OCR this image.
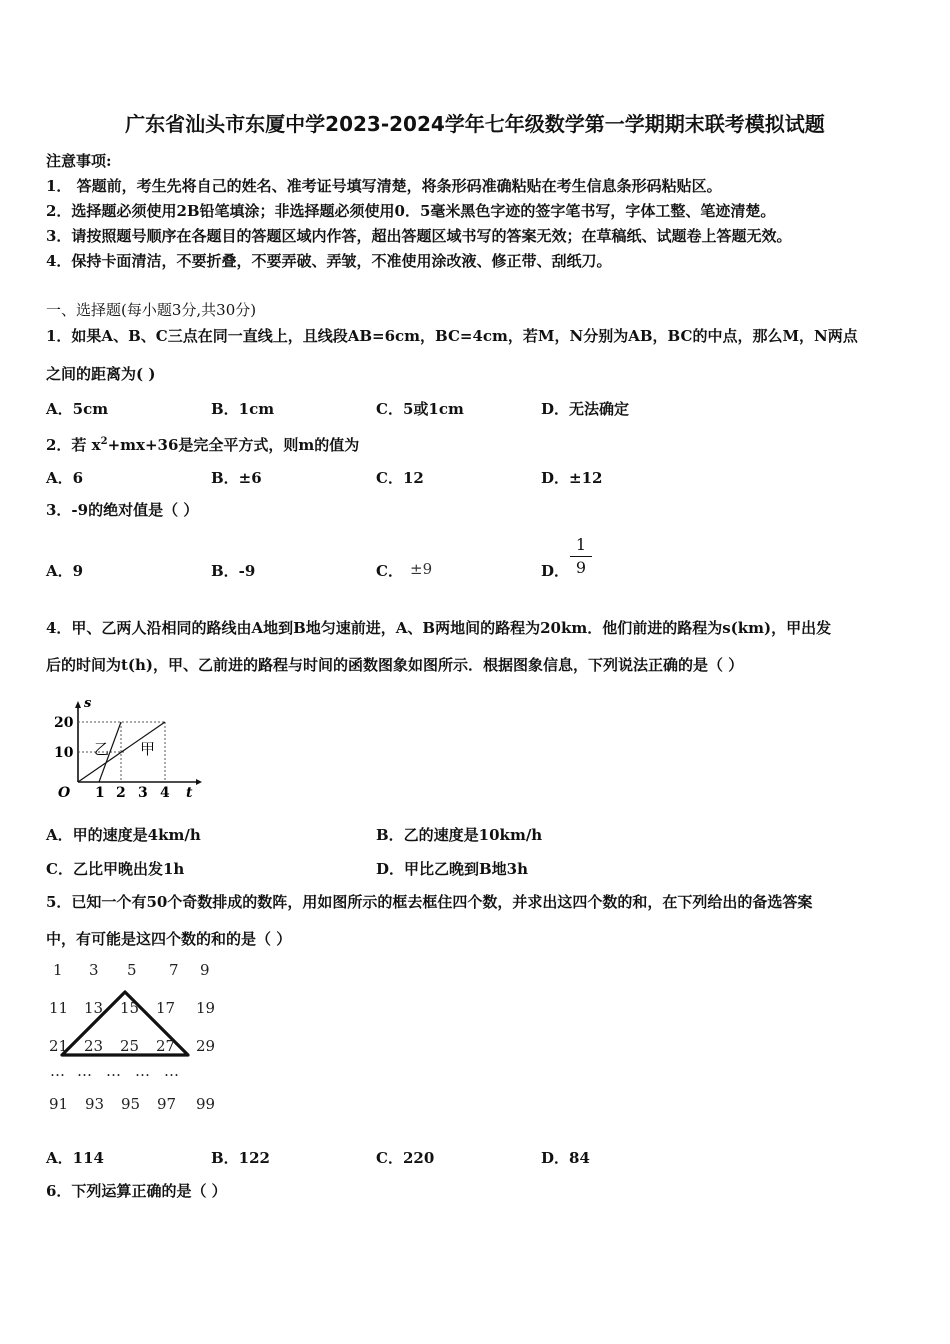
广东省汕头市东厦中学2023-2024学年七年级数学第一学期期末联考模拟试题
注意事项:
1． 答题前，考生先将自己的姓名、准考证号填写清楚，将条形码准确粘贴在考生信息条形码粘贴区。
2．选择题必须使用2B铅笔填涂；非选择题必须使用0．5毫米黑色字迹的签字笔书写，字体工整、笔迹清楚。
3．请按照题号顺序在各题目的答题区域内作答，超出答题区域书写的答案无效；在草稿纸、试题卷上答题无效。
4．保持卡面清洁，不要折叠，不要弄破、弄皱，不准使用涂改液、修正带、刮纸刀。
一、选择题(每小题3分,共30分)
1．如果A、B、C三点在同一直线上，且线段AB=6cm，BC=4cm，若M，N分别为AB，BC的中点，那么M，N两点
之间的距离为( )
A．5cm	B．1cm	C．5或1cm	D．无法确定
2．若 $x^2+mx+36$是完全平方式，则m的值为
A．6	B．±6	C．12	D．±12
3．-9的绝对值是（ ）
A．9	B．-9	C． ±9	D． $\frac{1}{9}$
4．甲、乙两人沿相同的路线由A地到B地匀速前进，A、B两地间的路程为20km．他们前进的路程为s(km)，甲出发
后的时间为t(h)，甲、乙前进的路程与时间的函数图象如图所示．根据图象信息，下列说法正确的是（ ）
s
20
10
O 1 2 3 4 t
乙 甲
A．甲的速度是4km/h	B．乙的速度是10km/h
C．乙比甲晚出发1h	D．甲比乙晚到B地3h
5．已知一个有50个奇数排成的数阵，用如图所示的框去框住四个数，并求出这四个数的和，在下列给出的备选答案
中，有可能是这四个数的和的是（ ）
1 3 5 7 9
11 13 15 17 19
21 23 25 27 29
… … … … …
91 93 95 97 99
A．114	B．122	C．220	D．84
6．下列运算正确的是（ ）
